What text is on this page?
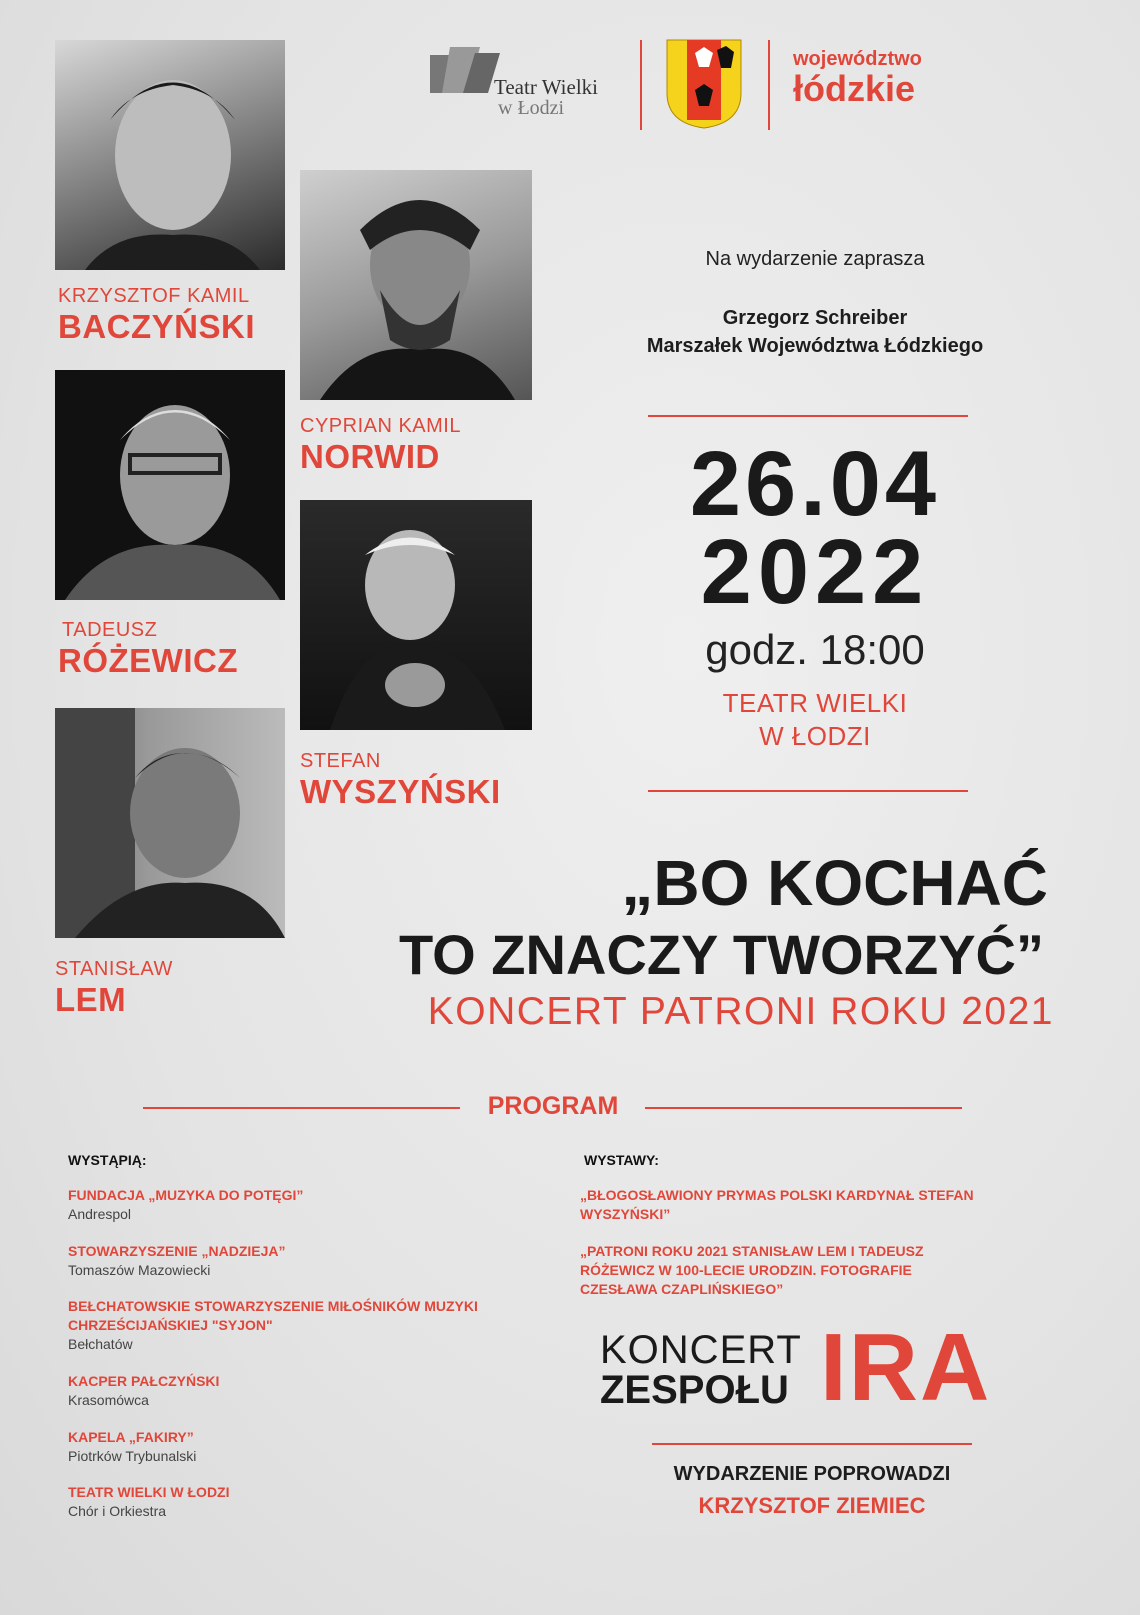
Teatr Wielki
w Łodzi
województwo
łódzkie
KRZYSZTOF KAMIL
BACZYŃSKI
CYPRIAN KAMIL
NORWID
TADEUSZ
RÓŻEWICZ
STEFAN
WYSZYŃSKI
STANISŁAW
LEM
Na wydarzenie zaprasza
Grzegorz Schreiber
Marszałek Województwa Łódzkiego
26.04
2022
godz. 18:00
TEATR WIELKI
W ŁODZI
„BO KOCHAĆ
TO ZNACZY TWORZYĆ”
KONCERT PATRONI ROKU 2021
PROGRAM
WYSTĄPIĄ:
FUNDACJA „MUZYKA DO POTĘGI”
Andrespol
STOWARZYSZENIE „NADZIEJA”
Tomaszów Mazowiecki
BEŁCHATOWSKIE STOWARZYSZENIE MIŁOŚNIKÓW MUZYKI CHRZEŚCIJAŃSKIEJ "SYJON"
Bełchatów
KACPER PAŁCZYŃSKI
Krasomówca
KAPELA „FAKIRY”
Piotrków Trybunalski
TEATR WIELKI W ŁODZI
Chór i Orkiestra
WYSTAWY:
„BŁOGOSŁAWIONY PRYMAS POLSKI KARDYNAŁ STEFAN WYSZYŃSKI”
„PATRONI ROKU 2021 STANISŁAW LEM I TADEUSZ RÓŻEWICZ W 100-LECIE URODZIN. FOTOGRAFIE CZESŁAWA CZAPLIŃSKIEGO”
KONCERT
ZESPOŁU IRA
WYDARZENIE POPROWADZI
KRZYSZTOF ZIEMIEC
